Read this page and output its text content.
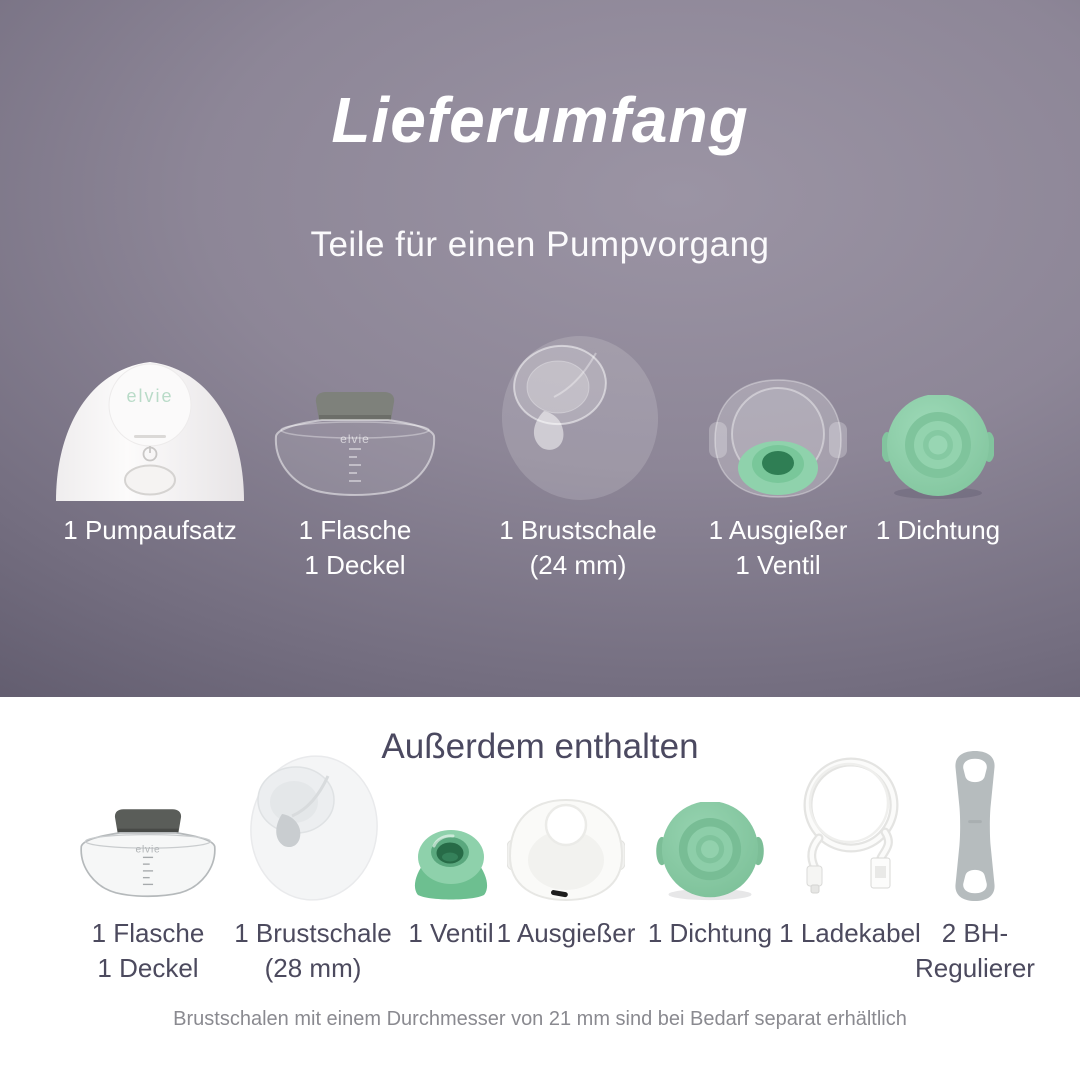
Lieferumfang
Teile für einen Pumpvorgang
elvie
1 Pumpaufsatz
elvie
1 Flasche
1 Deckel
1 Brustschale
(24 mm)
1 Ausgießer
1 Ventil
1 Dichtung
Außerdem enthalten
elvie
1 Flasche
1 Deckel
1 Brustschale
(28 mm)
1 Ventil 1 Ausgießer 1 Dichtung 1 Ladekabel 2 BH-
Regulierer
Brustschalen mit einem Durchmesser von 21 mm sind bei Bedarf separat erhältlich
